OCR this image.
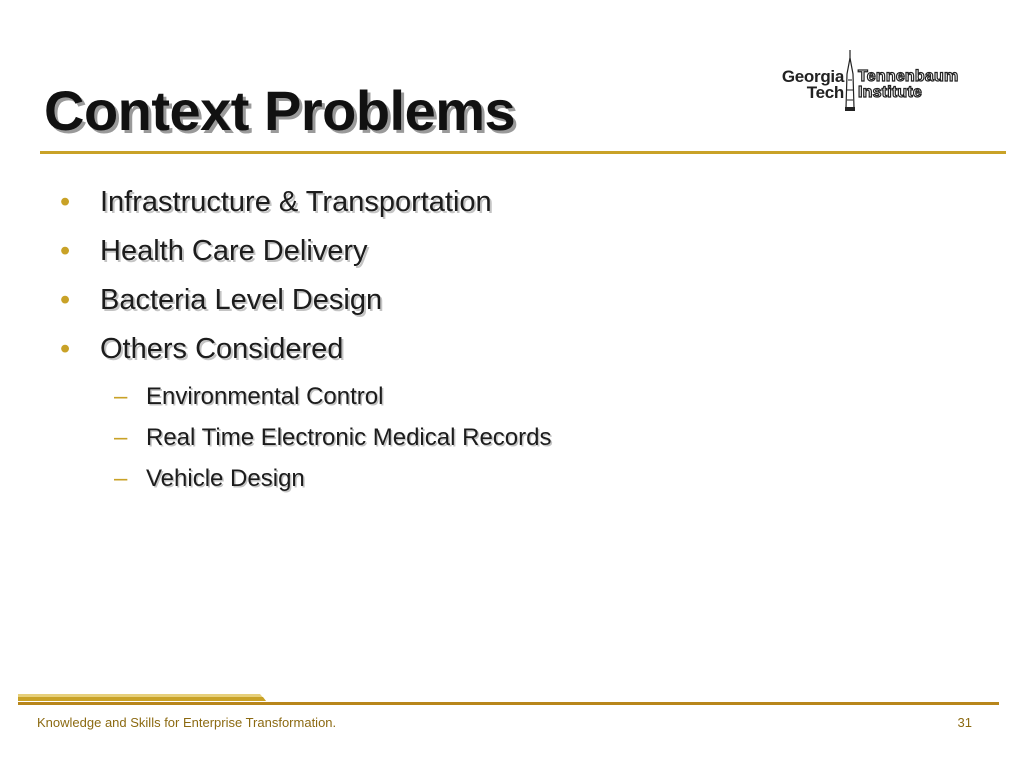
Context Problems
Georgia
Tech
Tennenbaum
Institute
• Infrastructure & Transportation
• Health Care Delivery
• Bacteria Level Design
• Others Considered
– Environmental Control
– Real Time Electronic Medical Records
– Vehicle Design
Knowledge and Skills for Enterprise Transformation.	31
